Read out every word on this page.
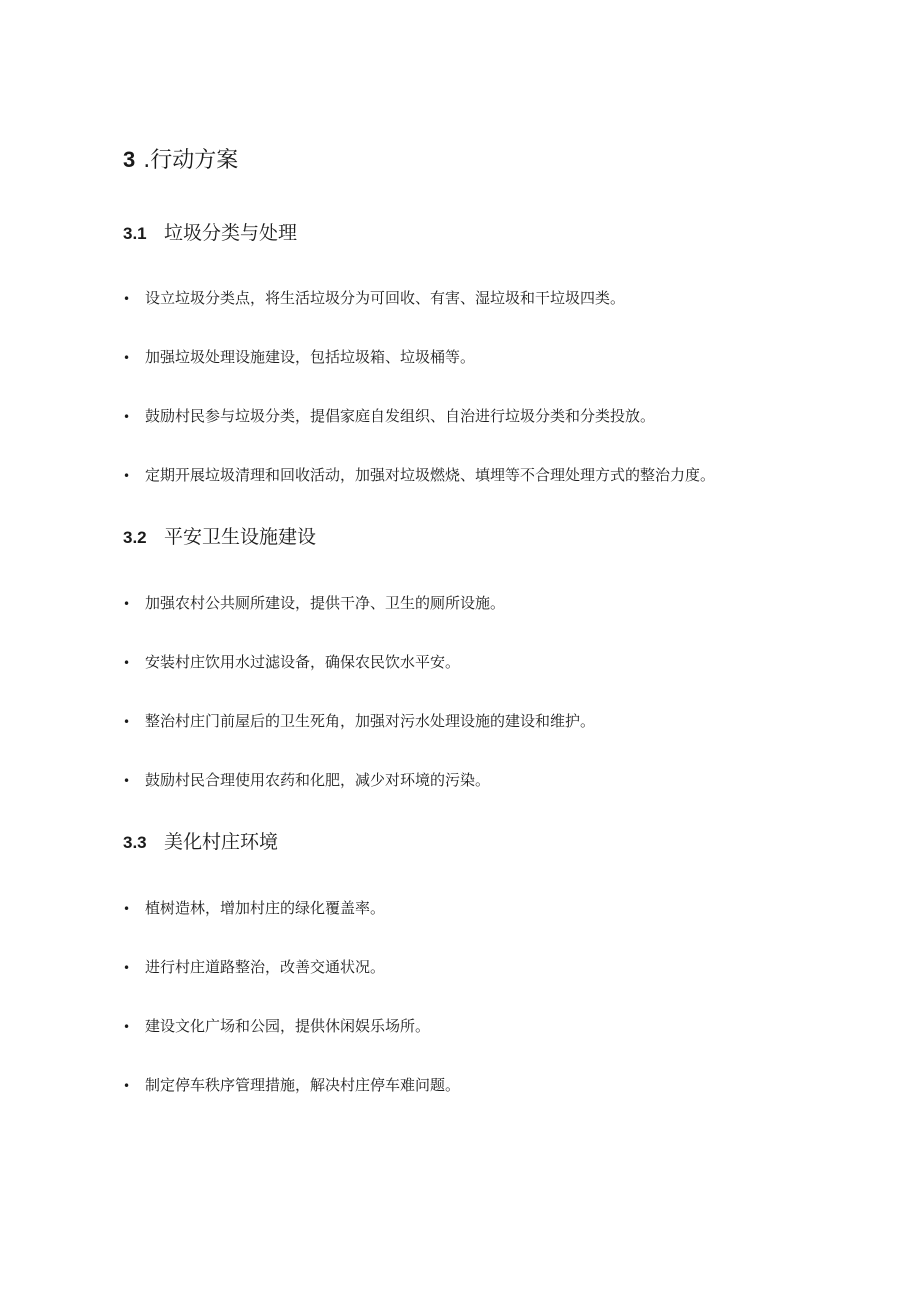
3 .行动方案
3.1 垃圾分类与处理
• 设立垃圾分类点，将生活垃圾分为可回收、有害、湿垃圾和干垃圾四类。
• 加强垃圾处理设施建设，包括垃圾箱、垃圾桶等。
• 鼓励村民参与垃圾分类，提倡家庭自发组织、自治进行垃圾分类和分类投放。
• 定期开展垃圾清理和回收活动，加强对垃圾燃烧、填埋等不合理处理方式的整治力度。
3.2 平安卫生设施建设
• 加强农村公共厕所建设，提供干净、卫生的厕所设施。
• 安装村庄饮用水过滤设备，确保农民饮水平安。
• 整治村庄门前屋后的卫生死角，加强对污水处理设施的建设和维护。
• 鼓励村民合理使用农药和化肥，减少对环境的污染。
3.3 美化村庄环境
• 植树造林，增加村庄的绿化覆盖率。
• 进行村庄道路整治，改善交通状况。
• 建设文化广场和公园，提供休闲娱乐场所。
• 制定停车秩序管理措施，解决村庄停车难问题。
